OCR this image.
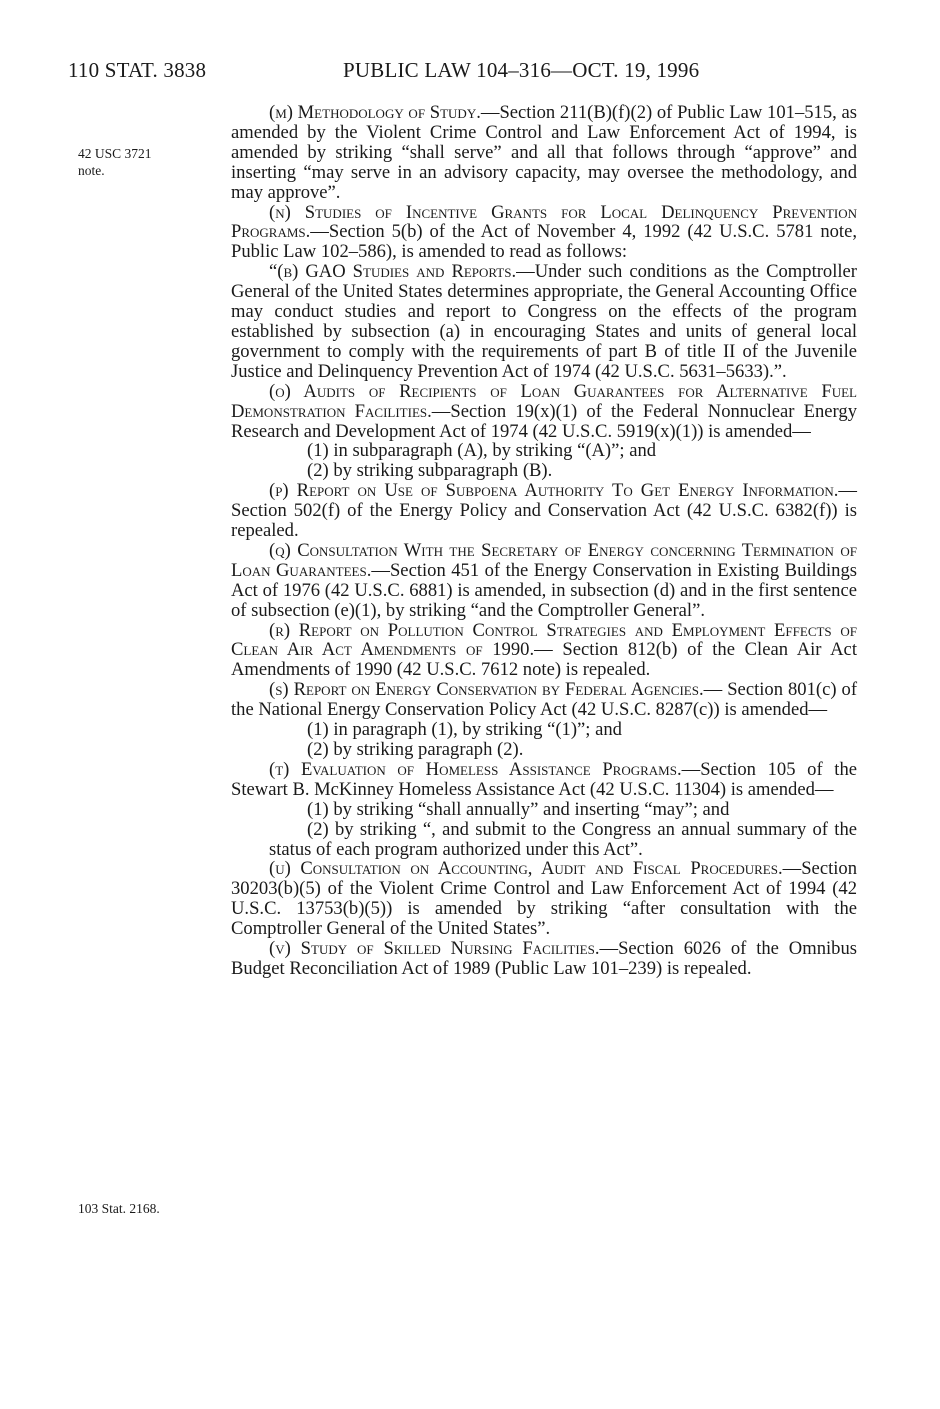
110 STAT. 3838	PUBLIC LAW 104–316—OCT. 19, 1996
42 USC 3721
note.
103 Stat. 2168.

(m) Methodology of Study.—Section 211(B)(f)(2) of Public Law 101–515, as amended by the Violent Crime Control and Law Enforcement Act of 1994, is amended by striking “shall serve” and all that follows through “approve” and inserting “may serve in an advisory capacity, may oversee the methodology, and may approve”.

(n) Studies of Incentive Grants for Local Delinquency Prevention Programs.—Section 5(b) of the Act of November 4, 1992 (42 U.S.C. 5781 note, Public Law 102–586), is amended to read as follows:

“(b) GAO Studies and Reports.—Under such conditions as the Comptroller General of the United States determines appropriate, the General Accounting Office may conduct studies and report to Congress on the effects of the program established by subsection (a) in encouraging States and units of general local government to comply with the requirements of part B of title II of the Juvenile Justice and Delinquency Prevention Act of 1974 (42 U.S.C. 5631–5633).”.

(o) Audits of Recipients of Loan Guarantees for Alternative Fuel Demonstration Facilities.—Section 19(x)(1) of the Federal Nonnuclear Energy Research and Development Act of 1974 (42 U.S.C. 5919(x)(1)) is amended—

(1) in subparagraph (A), by striking “(A)”; and

(2) by striking subparagraph (B).

(p) Report on Use of Subpoena Authority To Get Energy Information.—Section 502(f) of the Energy Policy and Conservation Act (42 U.S.C. 6382(f)) is repealed.

(q) Consultation With the Secretary of Energy concerning Termination of Loan Guarantees.—Section 451 of the Energy Conservation in Existing Buildings Act of 1976 (42 U.S.C. 6881) is amended, in subsection (d) and in the first sentence of subsection (e)(1), by striking “and the Comptroller General”.

(r) Report on Pollution Control Strategies and Employment Effects of Clean Air Act Amendments of 1990.— Section 812(b) of the Clean Air Act Amendments of 1990 (42 U.S.C. 7612 note) is repealed.

(s) Report on Energy Conservation by Federal Agencies.— Section 801(c) of the National Energy Conservation Policy Act (42 U.S.C. 8287(c)) is amended—

(1) in paragraph (1), by striking “(1)”; and

(2) by striking paragraph (2).

(t) Evaluation of Homeless Assistance Programs.—Section 105 of the Stewart B. McKinney Homeless Assistance Act (42 U.S.C. 11304) is amended—

(1) by striking “shall annually” and inserting “may”; and

(2) by striking “, and submit to the Congress an annual summary of the status of each program authorized under this Act”.

(u) Consultation on Accounting, Audit and Fiscal Procedures.—Section 30203(b)(5) of the Violent Crime Control and Law Enforcement Act of 1994 (42 U.S.C. 13753(b)(5)) is amended by striking “after consultation with the Comptroller General of the United States”.

(v) Study of Skilled Nursing Facilities.—Section 6026 of the Omnibus Budget Reconciliation Act of 1989 (Public Law 101–239) is repealed.
